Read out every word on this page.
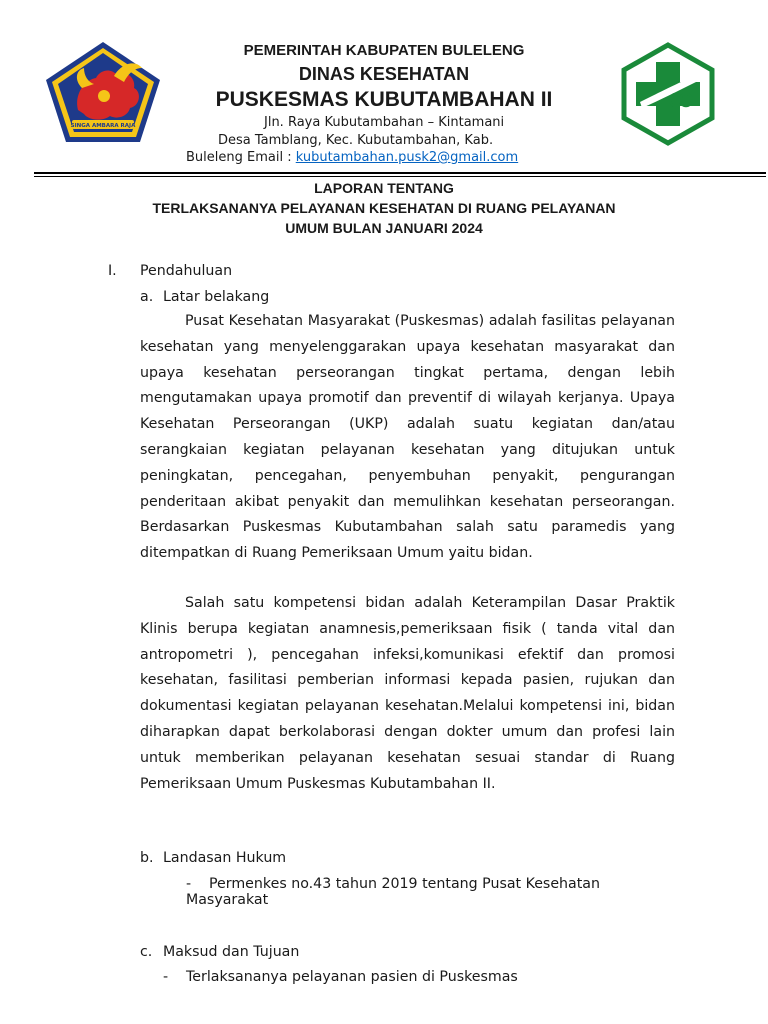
SINGA AMBARA RAJA
PEMERINTAH KABUPATEN BULELENG
DINAS KESEHATAN
PUSKESMAS KUBUTAMBAHAN II
Jln. Raya Kubutambahan – Kintamani
Desa Tamblang, Kec. Kubutambahan, Kab.
Buleleng Email : kubutambahan.pusk2@gmail.com
LAPORAN TENTANG
TERLAKSANANYA PELAYANAN KESEHATAN DI RUANG PELAYANAN
UMUM BULAN JANUARI 2024
I. Pendahuluan
a. Latar belakang
Pusat Kesehatan Masyarakat (Puskesmas) adalah fasilitas pelayanan kesehatan yang menyelenggarakan upaya kesehatan masyarakat dan upaya kesehatan perseorangan tingkat pertama, dengan lebih mengutamakan upaya promotif dan preventif di wilayah kerjanya. Upaya Kesehatan Perseorangan (UKP) adalah suatu kegiatan dan/atau serangkaian kegiatan pelayanan kesehatan yang ditujukan untuk peningkatan, pencegahan, penyembuhan penyakit, pengurangan penderitaan akibat penyakit dan memulihkan kesehatan perseorangan. Berdasarkan Puskesmas Kubutambahan salah satu paramedis yang ditempatkan di Ruang Pemeriksaan Umum yaitu bidan.
Salah satu kompetensi bidan adalah Keterampilan Dasar Praktik Klinis berupa kegiatan anamnesis,pemeriksaan fisik ( tanda vital dan antropometri ), pencegahan infeksi,komunikasi efektif dan promosi kesehatan, fasilitasi pemberian informasi kepada pasien, rujukan dan dokumentasi kegiatan pelayanan kesehatan.Melalui kompetensi ini, bidan diharapkan dapat berkolaborasi dengan dokter umum dan profesi lain untuk memberikan pelayanan kesehatan sesuai standar di Ruang Pemeriksaan Umum Puskesmas Kubutambahan II.
b. Landasan Hukum
- Permenkes no.43 tahun 2019 tentang Pusat Kesehatan
Masyarakat
c. Maksud dan Tujuan
- Terlaksananya pelayanan pasien di Puskesmas
